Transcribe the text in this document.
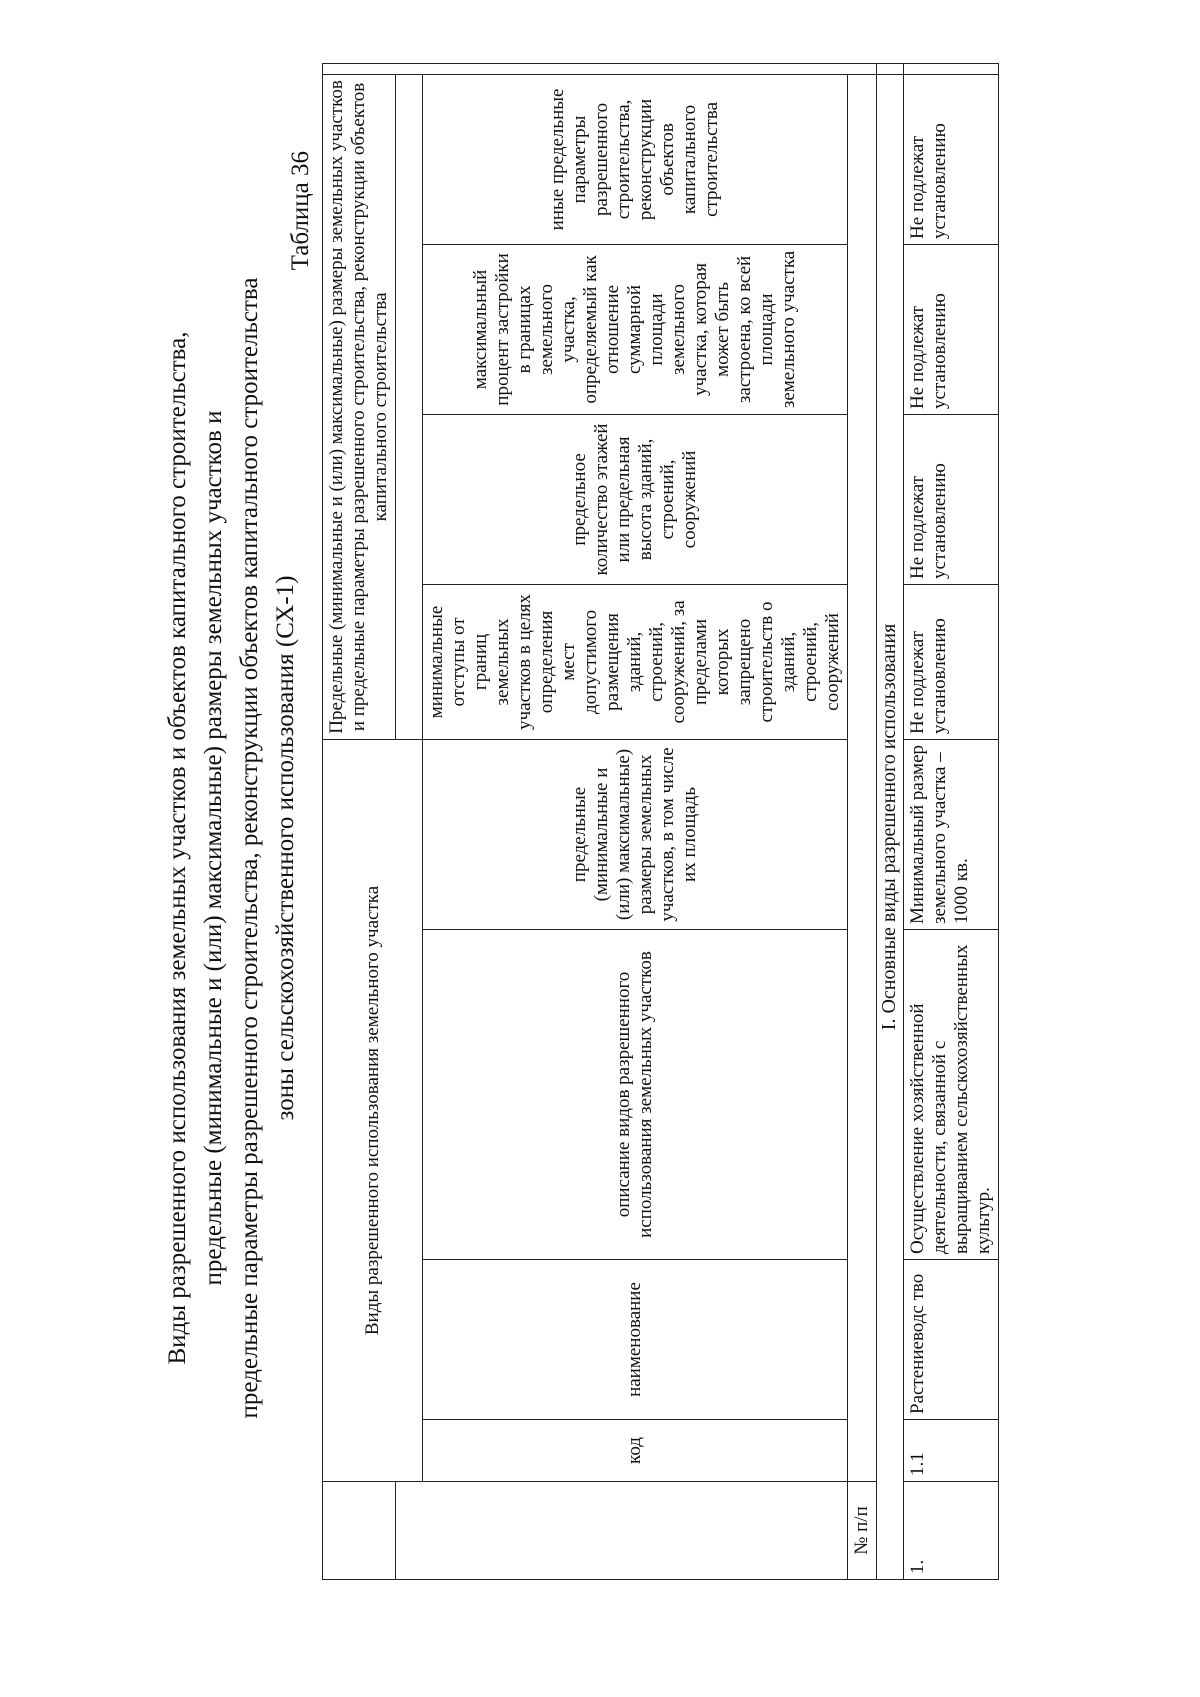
Виды разрешенного использования земельных участков и объектов капитального строительства, предельные (минимальные и (или) максимальные) размеры земельных участков и предельные параметры разрешенного строительства, реконструкции объектов капитального строительства зоны сельскохозяйственного использования (СХ-1)
Таблица 36
	Виды разрешенного использования земельного участка				Предельные (минимальные и (или) максимальные) размеры земельных участков и предельные параметры разрешенного строительства, реконструкции объектов капитального строительства				

	код	наименование	описание видов разрешенного использования земельных участков	предельные (минимальные и (или) максимальные) размеры земельных участков, в том числе их площадь	минимальные отступы от границ земельных участков в целях определения мест допустимого размещения зданий, строений, сооружений, за пределами которых запрещено строительств о зданий, строений, сооружений	предельное количество этажей или предельная высота зданий, строений, сооружений	максимальный процент застройки в границах земельного участка, определяемый как отношение суммарной площади земельного участка, которая может быть застроена, ко всей площади земельного участка	иные предельные параметры разрешенного строительства, реконструкции объектов капитального строительства	
№ п/п									
I. Основные виды разрешенного использования									
1.	1.1	Растениеводс тво	Осуществление хозяйственной деятельности, связанной с выращиванием сельскохозяйственных культур.	Минимальный размер земельного участка – 1000 кв.	Не подлежат установлению	Не подлежат установлению	Не подлежат установлению	Не подлежат установлению	
